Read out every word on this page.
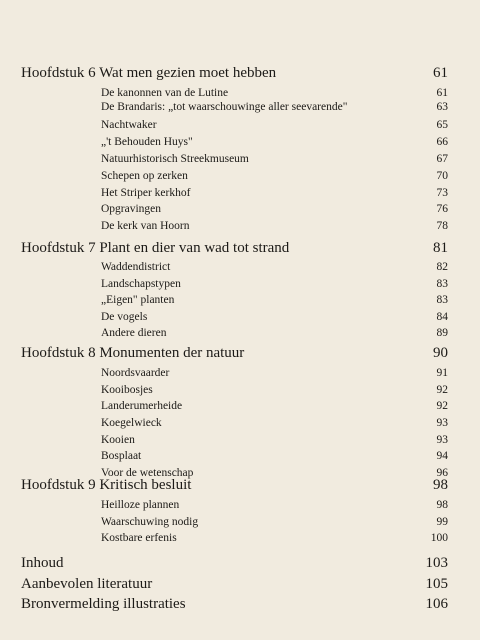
Hoofdstuk 6 Wat men gezien moet hebben	61
De kanonnen van de Lutine	61
De Brandaris: „tot waarschouwinge aller seevarende"	63
Nachtwaker	65
„'t Behouden Huys"	66
Natuurhistorisch Streekmuseum	67
Schepen op zerken	70
Het Striper kerkhof	73
Opgravingen	76
De kerk van Hoorn	78
Hoofdstuk 7 Plant en dier van wad tot strand	81
Waddendistrict	82
Landschapstypen	83
„Eigen" planten	83
De vogels	84
Andere dieren	89
Hoofdstuk 8 Monumenten der natuur	90
Noordsvaarder	91
Kooibosjes	92
Landerumerheide	92
Koegelwieck	93
Kooien	93
Bosplaat	94
Voor de wetenschap	96
Hoofdstuk 9 Kritisch besluit	98
Heilloze plannen	98
Waarschuwing nodig	99
Kostbare erfenis	100
Inhoud	103
Aanbevolen literatuur	105
Bronvermelding illustraties	106
